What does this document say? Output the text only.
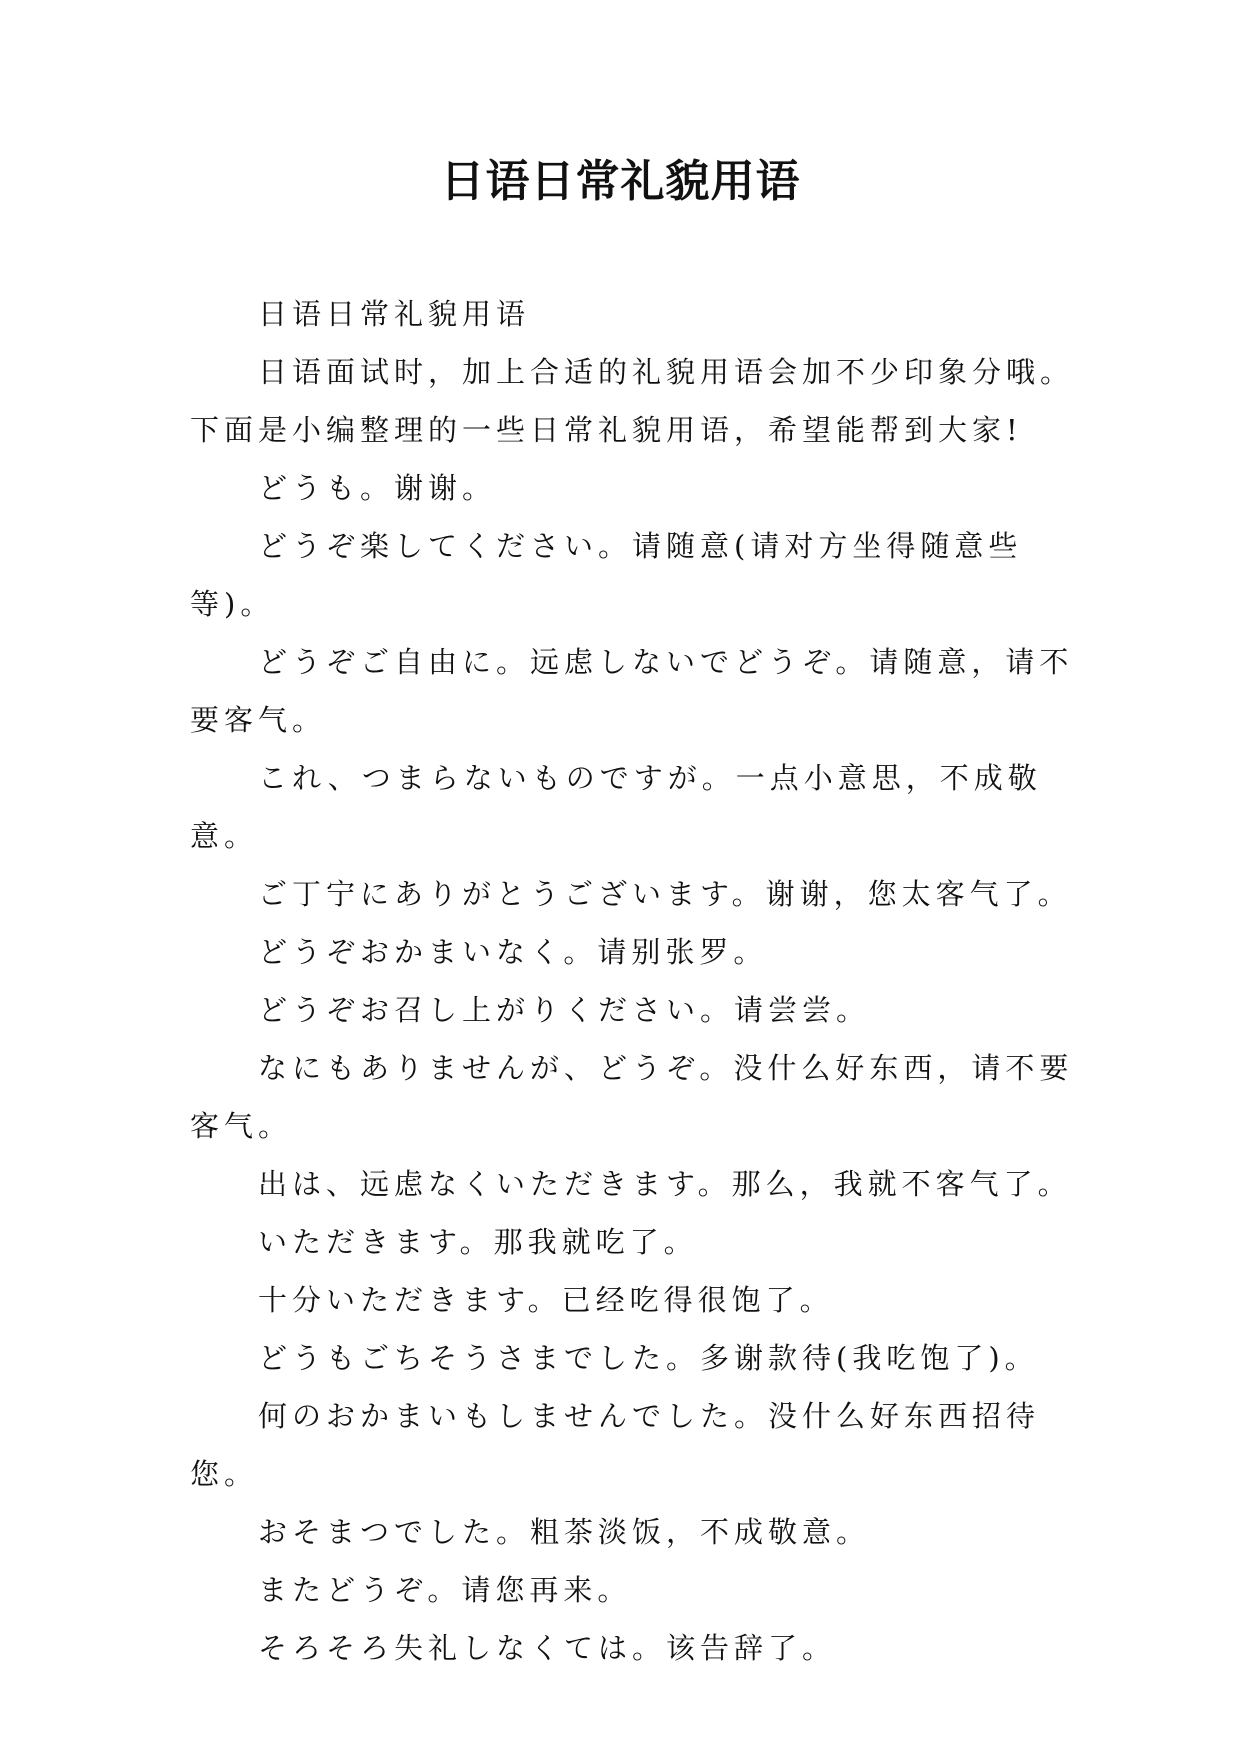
日语日常礼貌用语

日语日常礼貌用语

日语面试时，加上合适的礼貌用语会加不少印象分哦。下面是小编整理的一些日常礼貌用语，希望能帮到大家!

どうも。谢谢。

どうぞ楽してください。请随意(请对方坐得随意些等)。

どうぞご自由に。远虑しないでどうぞ。请随意，请不要客气。

これ、つまらないものですが。一点小意思，不成敬意。

ご丁宁にありがとうございます。谢谢，您太客气了。

どうぞおかまいなく。请别张罗。

どうぞお召し上がりください。请尝尝。

なにもありませんが、どうぞ。没什么好东西，请不要客气。

出は、远虑なくいただきます。那么，我就不客气了。

いただきます。那我就吃了。

十分いただきます。已经吃得很饱了。

どうもごちそうさまでした。多谢款待(我吃饱了)。

何のおかまいもしませんでした。没什么好东西招待您。

おそまつでした。粗茶淡饭，不成敬意。

またどうぞ。请您再来。

そろそろ失礼しなくては。该告辞了。
